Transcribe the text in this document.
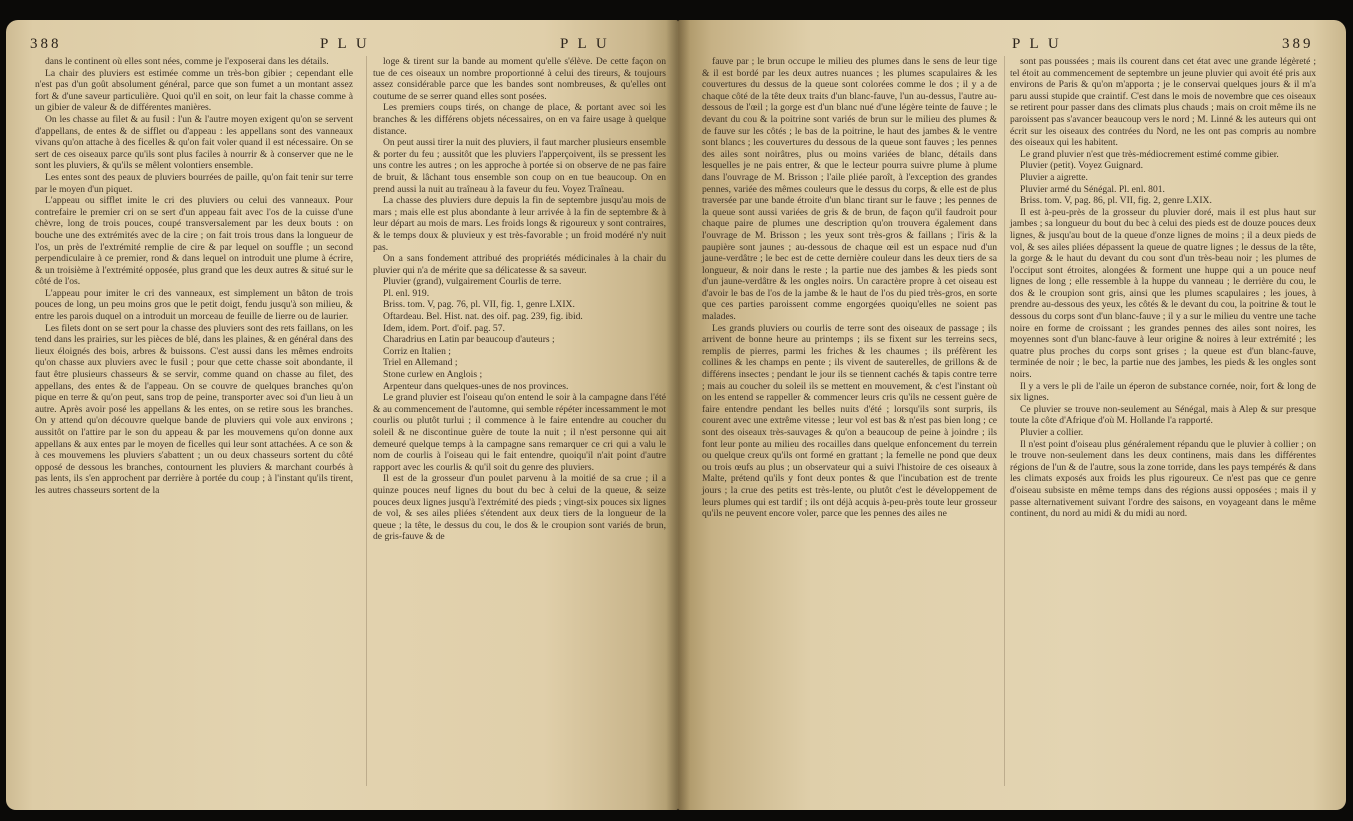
388	P L U	P L U	P L U	389

dans le continent où elles sont nées, comme je l'exposerai dans les détails.

La chair des pluviers est estimée comme un très-bon gibier ; cependant elle n'est pas d'un goût absolument général, parce que son fumet a un montant assez fort & d'une saveur particulière. Quoi qu'il en soit, on leur fait la chasse comme à un gibier de valeur & de différentes manières.

On les chasse au filet & au fusil : l'un & l'autre moyen exigent qu'on se servent d'appellans, de entes & de sifflet ou d'appeau : les appellans sont des vanneaux vivans qu'on attache à des ficelles & qu'on fait voler quand il est nécessaire. On se sert de ces oiseaux parce qu'ils sont plus faciles à nourrir & à conserver que ne le sont les pluviers, & qu'ils se mêlent volontiers ensemble.

Les entes sont des peaux de pluviers bourrées de paille, qu'on fait tenir sur terre par le moyen d'un piquet.

L'appeau ou sifflet imite le cri des pluviers ou celui des vanneaux. Pour contrefaire le premier cri on se sert d'un appeau fait avec l'os de la cuisse d'une chèvre, long de trois pouces, coupé transversalement par les deux bouts : on bouche une des extrémités avec de la cire ; on fait trois trous dans la longueur de l'os, un près de l'extrémité remplie de cire & par lequel on souffle ; un second perpendiculaire à ce premier, rond & dans lequel on introduit une plume à écrire, & un troisième à l'extrémité opposée, plus grand que les deux autres & situé sur le côté de l'os.

L'appeau pour imiter le cri des vanneaux, est simplement un bâton de trois pouces de long, un peu moins gros que le petit doigt, fendu jusqu'à son milieu, & entre les parois duquel on a introduit un morceau de feuille de lierre ou de laurier.

Les filets dont on se sert pour la chasse des pluviers sont des rets faillans, on les tend dans les prairies, sur les pièces de blé, dans les plaines, & en général dans des lieux éloignés des bois, arbres & buissons. C'est aussi dans les mêmes endroits qu'on chasse aux pluviers avec le fusil ; pour que cette chasse soit abondante, il faut être plusieurs chasseurs & se servir, comme quand on chasse au filet, des appellans, des entes & de l'appeau. On se couvre de quelques branches qu'on pique en terre & qu'on peut, sans trop de peine, transporter avec soi d'un lieu à un autre. Après avoir posé les appellans & les entes, on se retire sous les branches. On y attend qu'on découvre quelque bande de pluviers qui vole aux environs ; aussitôt on l'attire par le son du appeau & par les mouvemens qu'on donne aux appellans & aux entes par le moyen de ficelles qui leur sont attachées. A ce son & à ces mouvemens les pluviers s'abattent ; un ou deux chasseurs sortent du côté opposé de dessous les branches, contournent les pluviers & marchant courbés à pas lents, ils s'en approchent par derrière à portée du coup ; à l'instant qu'ils tirent, les autres chasseurs sortent de la

loge & tirent sur la bande au moment qu'elle s'élève. De cette façon on tue de ces oiseaux un nombre proportionné à celui des tireurs, & toujours assez considérable parce que les bandes sont nombreuses, & qu'elles ont coutume de se serrer quand elles sont posées.

Les premiers coups tirés, on change de place, & portant avec soi les branches & les différens objets nécessaires, on en va faire usage à quelque distance.

On peut aussi tirer la nuit des pluviers, il faut marcher plusieurs ensemble & porter du feu ; aussitôt que les pluviers l'apperçoivent, ils se pressent les uns contre les autres ; on les approche à portée si on observe de ne pas faire de bruit, & lâchant tous ensemble son coup on en tue beaucoup. On en prend aussi la nuit au traîneau à la faveur du feu. Voyez Traîneau.

La chasse des pluviers dure depuis la fin de septembre jusqu'au mois de mars ; mais elle est plus abondante à leur arrivée à la fin de septembre & à leur départ au mois de mars. Les froids longs & rigoureux y sont contraires, & le temps doux & pluvieux y est très-favorable ; un froid modéré n'y nuit pas.

On a sans fondement attribué des propriétés médicinales à la chair du pluvier qui n'a de mérite que sa délicatesse & sa saveur.

Pluvier (grand), vulgairement Courlis de terre.

Pl. enl. 919.

Briss. tom. V, pag. 76, pl. VII, fig. 1, genre LXIX.

Oftardeau. Bel. Hist. nat. des oif. pag. 239, fig. ibid.

Idem, idem. Port. d'oif. pag. 57.

Charadrius en Latin par beaucoup d'auteurs ;

Corriz en Italien ;

Triel en Allemand ;

Stone curlew en Anglois ;

Arpenteur dans quelques-unes de nos provinces.

Le grand pluvier est l'oiseau qu'on entend le soir à la campagne dans l'été & au commencement de l'automne, qui semble répéter incessamment le mot courlis ou plutôt turlui ; il commence à le faire entendre au coucher du soleil & ne discontinue guère de toute la nuit ; il n'est personne qui ait demeuré quelque temps à la campagne sans remarquer ce cri qui a valu le nom de courlis à l'oiseau qui le fait entendre, quoiqu'il n'ait point d'autre rapport avec les courlis & qu'il soit du genre des pluviers.

Il est de la grosseur d'un poulet parvenu à la moitié de sa crue ; il a quinze pouces neuf lignes du bout du bec à celui de la queue, & seize pouces deux lignes jusqu'à l'extrémité des pieds ; vingt-six pouces six lignes de vol, & ses ailes pliées s'étendent aux deux tiers de la longueur de la queue ; la tête, le dessus du cou, le dos & le croupion sont variés de brun, de gris-fauve & de

fauve par ; le brun occupe le milieu des plumes dans le sens de leur tige & il est bordé par les deux autres nuances ; les plumes scapulaires & les couvertures du dessus de la queue sont colorées comme le dos ; il y a de chaque côté de la tête deux traits d'un blanc-fauve, l'un au-dessus, l'autre au-dessous de l'œil ; la gorge est d'un blanc nué d'une légère teinte de fauve ; le devant du cou & la poitrine sont variés de brun sur le milieu des plumes & de fauve sur les côtés ; le bas de la poitrine, le haut des jambes & le ventre sont blancs ; les couvertures du dessous de la queue sont fauves ; les pennes des ailes sont noirâtres, plus ou moins variées de blanc, détails dans lesquelles je ne pais entrer, & que le lecteur pourra suivre plume à plume dans l'ouvrage de M. Brisson ; l'aile pliée paroît, à l'exception des grandes pennes, variée des mêmes couleurs que le dessus du corps, & elle est de plus traversée par une bande étroite d'un blanc tirant sur le fauve ; les pennes de la queue sont aussi variées de gris & de brun, de façon qu'il faudroit pour chaque paire de plumes une description qu'on trouvera également dans l'ouvrage de M. Brisson ; les yeux sont très-gros & faillans ; l'iris & la paupière sont jaunes ; au-dessous de chaque œil est un espace nud d'un jaune-verdâtre ; le bec est de cette dernière couleur dans les deux tiers de sa longueur, & noir dans le reste ; la partie nue des jambes & les pieds sont d'un jaune-verdâtre & les ongles noirs. Un caractère propre à cet oiseau est d'avoir le bas de l'os de la jambe & le haut de l'os du pied très-gros, en sorte que ces parties paroissent comme engorgées quoiqu'elles ne soient pas malades.

Les grands pluviers ou courlis de terre sont des oiseaux de passage ; ils arrivent de bonne heure au printemps ; ils se fixent sur les terreins secs, remplis de pierres, parmi les friches & les chaumes ; ils préfèrent les collines & les champs en pente ; ils vivent de sauterelles, de grillons & de différens insectes ; pendant le jour ils se tiennent cachés & tapis contre terre ; mais au coucher du soleil ils se mettent en mouvement, & c'est l'instant où on les entend se rappeller & commencer leurs cris qu'ils ne cessent guère de faire entendre pendant les belles nuits d'été ; lorsqu'ils sont surpris, ils courent avec une extrême vitesse ; leur vol est bas & n'est pas bien long ; ce sont des oiseaux très-sauvages & qu'on a beaucoup de peine à joindre ; ils font leur ponte au milieu des rocailles dans quelque enfoncement du terrein ou quelque creux qu'ils ont formé en grattant ; la femelle ne pond que deux ou trois œufs au plus ; un observateur qui a suivi l'histoire de ces oiseaux à Malte, prétend qu'ils y font deux pontes & que l'incubation est de trente jours ; la crue des petits est très-lente, ou plutôt c'est le développement de leurs plumes qui est tardif ; ils ont déjà acquis à-peu-près toute leur grosseur qu'ils ne peuvent encore voler, parce que les pennes des ailes ne

sont pas poussées ; mais ils courent dans cet état avec une grande légèreté ; tel étoit au commencement de septembre un jeune pluvier qui avoit été pris aux environs de Paris & qu'on m'apporta ; je le conservai quelques jours & il m'a paru aussi stupide que craintif. C'est dans le mois de novembre que ces oiseaux se retirent pour passer dans des climats plus chauds ; mais on croit même ils ne paroissent pas s'avancer beaucoup vers le nord ; M. Linné & les auteurs qui ont écrit sur les oiseaux des contrées du Nord, ne les ont pas compris au nombre des oiseaux qui les habitent.

Le grand pluvier n'est que très-médiocrement estimé comme gibier.

Pluvier (petit). Voyez Guignard.

Pluvier a aigrette.

Pluvier armé du Sénégal. Pl. enl. 801.

Briss. tom. V, pag. 86, pl. VII, fig. 2, genre LXIX.

Il est à-peu-près de la grosseur du pluvier doré, mais il est plus haut sur jambes ; sa longueur du bout du bec à celui des pieds est de douze pouces deux lignes, & jusqu'au bout de la queue d'onze lignes de moins ; il a deux pieds de vol, & ses ailes pliées dépassent la queue de quatre lignes ; le dessus de la tête, la gorge & le haut du devant du cou sont d'un très-beau noir ; les plumes de l'occiput sont étroites, alongées & forment une huppe qui a un pouce neuf lignes de long ; elle ressemble à la huppe du vanneau ; le derrière du cou, le dos & le croupion sont gris, ainsi que les plumes scapulaires ; les joues, à prendre au-dessous des yeux, les côtés & le devant du cou, la poitrine & tout le dessous du corps sont d'un blanc-fauve ; il y a sur le milieu du ventre une tache noire en forme de croissant ; les grandes pennes des ailes sont noires, les moyennes sont d'un blanc-fauve à leur origine & noires à leur extrémité ; les quatre plus proches du corps sont grises ; la queue est d'un blanc-fauve, terminée de noir ; le bec, la partie nue des jambes, les pieds & les ongles sont noirs.

Il y a vers le pli de l'aile un éperon de substance cornée, noir, fort & long de six lignes.

Ce pluvier se trouve non-seulement au Sénégal, mais à Alep & sur presque toute la côte d'Afrique d'où M. Hollande l'a rapporté.

Pluvier a collier.

Il n'est point d'oiseau plus généralement répandu que le pluvier à collier ; on le trouve non-seulement dans les deux continens, mais dans les différentes régions de l'un & de l'autre, sous la zone torride, dans les pays tempérés & dans les climats exposés aux froids les plus rigoureux. Ce n'est pas que ce genre d'oiseau subsiste en même temps dans des régions aussi opposées ; mais il y passe alternativement suivant l'ordre des saisons, en voyageant dans le même continent, du nord au midi & du midi au nord.
